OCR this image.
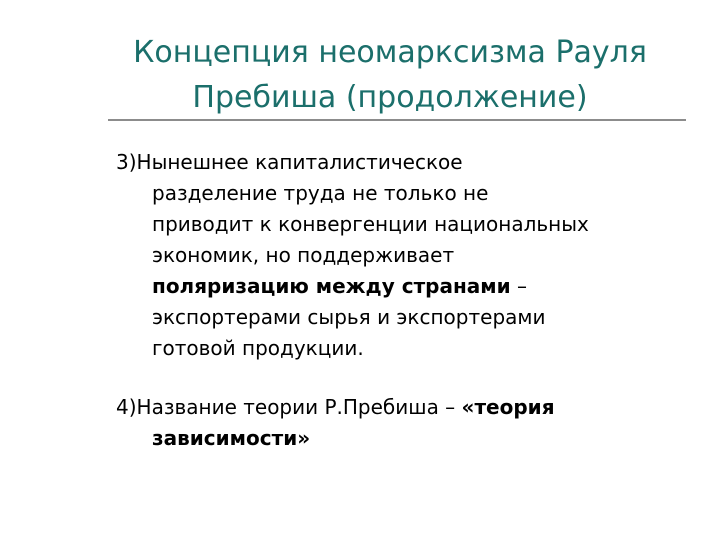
Концепция неомарксизма Рауля
Пребиша (продолжение)

3)Нынешнее капиталистическое
разделение труда не только не
приводит к конвергенции национальных
экономик, но поддерживает
поляризацию между странами –
экспортерами сырья и экспортерами
готовой продукции.

4)Название теории Р.Пребиша – «теория
зависимости»
